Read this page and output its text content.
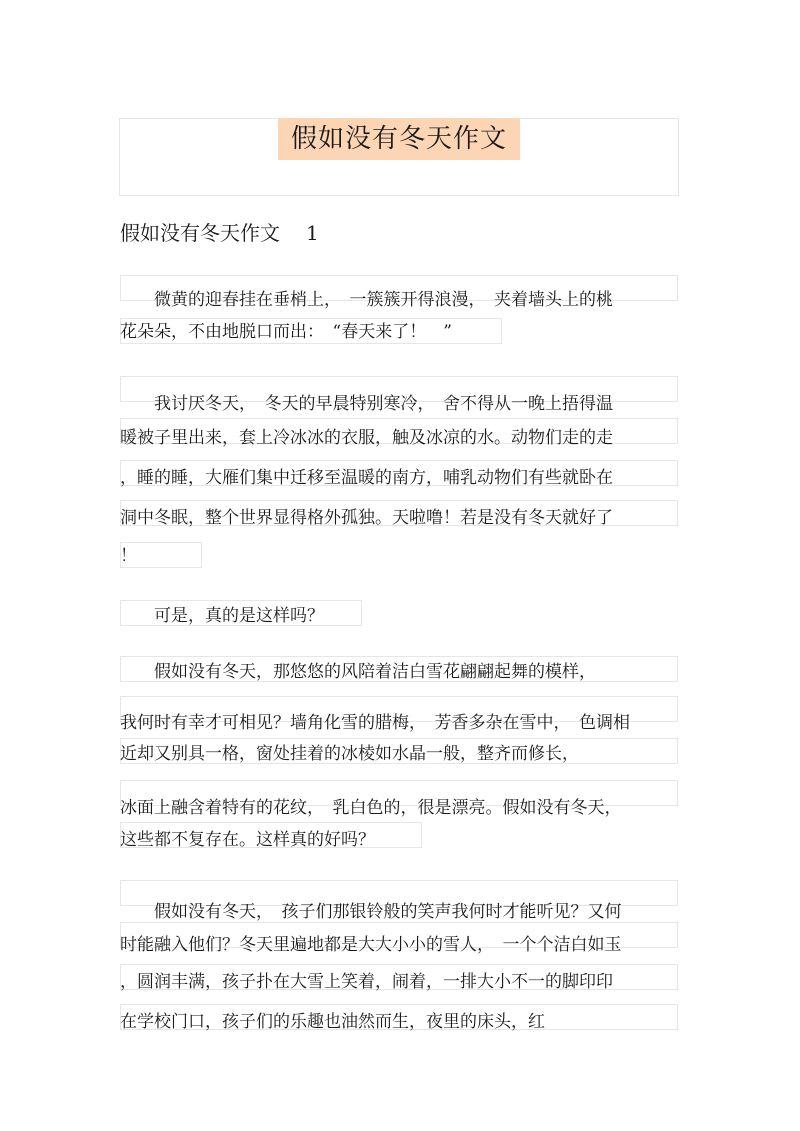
假如没有冬天作文
假如没有冬天作文 1
　　微黄的迎春挂在垂梢上，　一簇簇开得浪漫，　夹着墙头上的桃
花朵朵，不由地脱口而出：　“春天来了！　”
　　我讨厌冬天，　冬天的早晨特别寒冷，　舍不得从一晚上捂得温
暖被子里出来，套上冷冰冰的衣服，触及冰凉的水。动物们走的走
，睡的睡，大雁们集中迁移至温暖的南方，哺乳动物们有些就卧在
洞中冬眠，整个世界显得格外孤独。天啦噜！若是没有冬天就好了
！
　　可是，真的是这样吗？
　　假如没有冬天，那悠悠的风陪着洁白雪花翩翩起舞的模样，
我何时有幸才可相见？墙角化雪的腊梅，　芳香多杂在雪中，　色调相
近却又别具一格，窗处挂着的冰棱如水晶一般，整齐而修长，
冰面上融含着特有的花纹，　乳白色的，很是漂亮。假如没有冬天，
这些都不复存在。这样真的好吗？
　　假如没有冬天，　孩子们那银铃般的笑声我何时才能听见？又何
时能融入他们？冬天里遍地都是大大小小的雪人，　一个个洁白如玉
，圆润丰满，孩子扑在大雪上笑着，闹着，一排大小不一的脚印印
在学校门口，孩子们的乐趣也油然而生，夜里的床头，红
